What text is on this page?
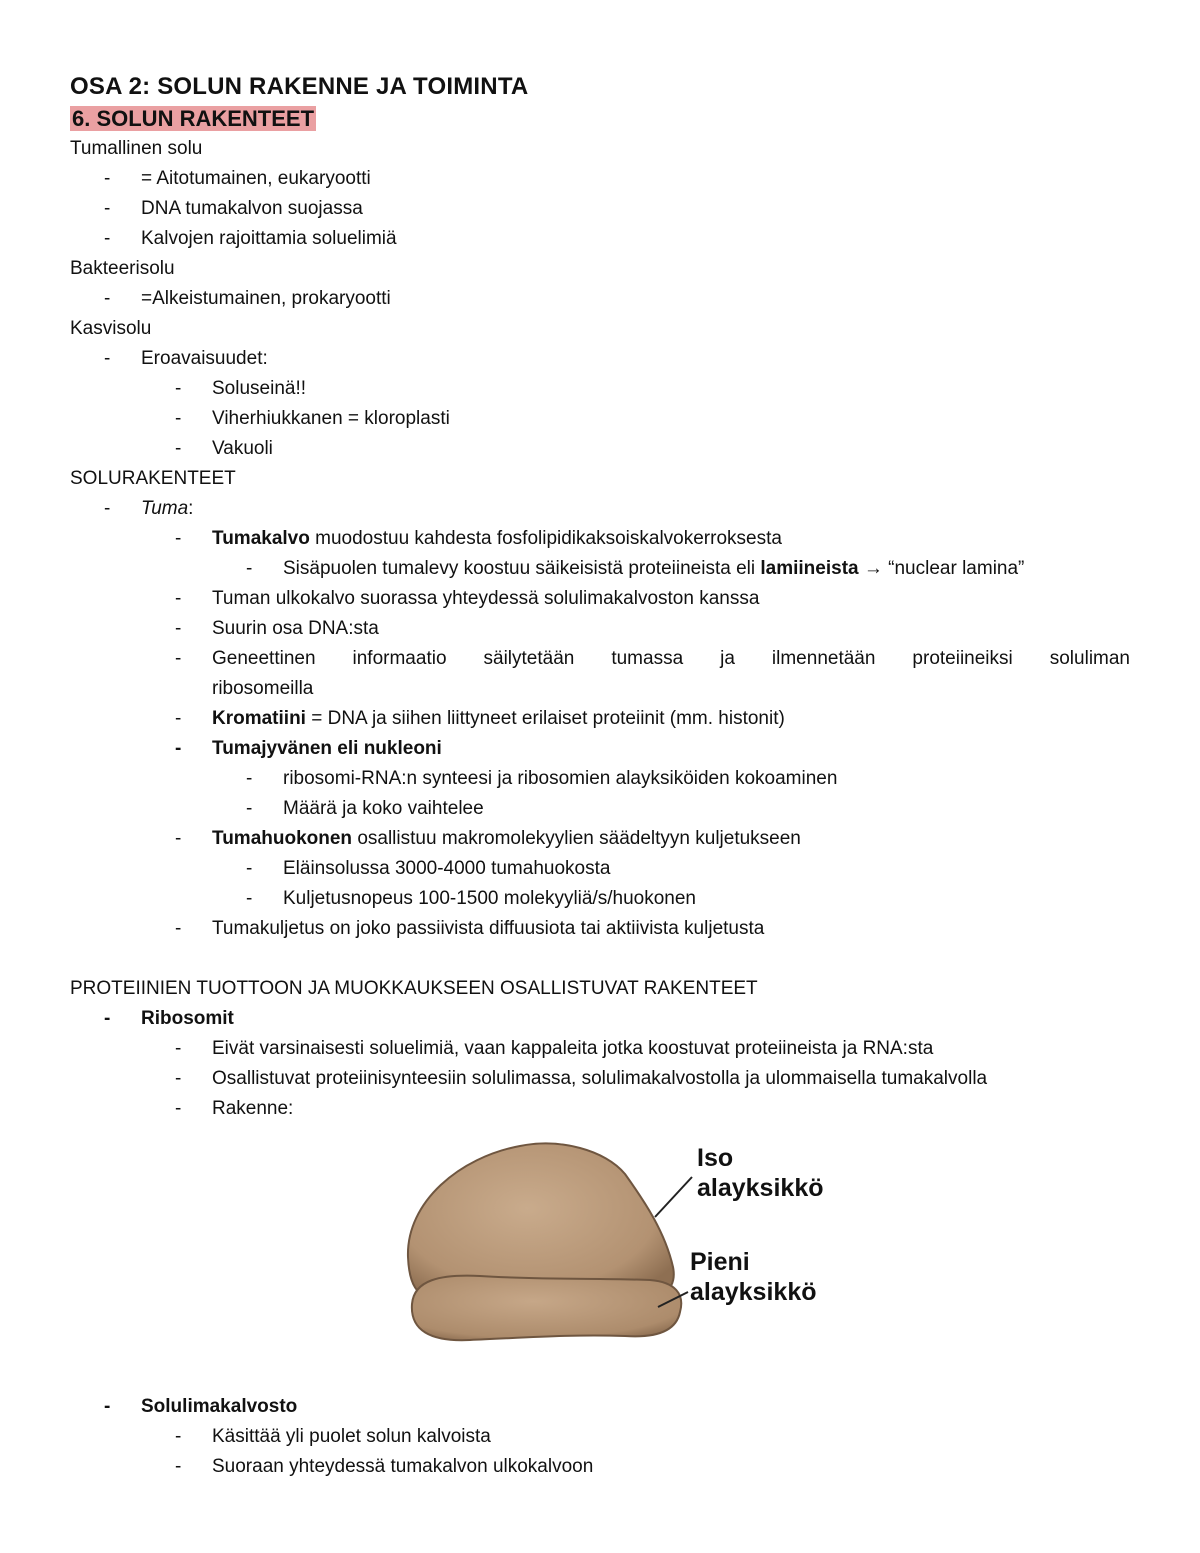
OSA 2: SOLUN RAKENNE JA TOIMINTA

6. SOLUN RAKENTEET

Tumallinen solu

-	= Aitotumainen, eukaryootti

-	DNA tumakalvon suojassa

-	Kalvojen rajoittamia soluelimiä

Bakteerisolu

-	=Alkeistumainen, prokaryootti

Kasvisolu

-	Eroavaisuudet:

-	Soluseinä!!

-	Viherhiukkanen = kloroplasti

-	Vakuoli

SOLURAKENTEET

-	Tuma:

-	Tumakalvo muodostuu kahdesta fosfolipidikaksoiskalvokerroksesta

-	Sisäpuolen tumalevy koostuu säikeisistä proteiineista eli lamiineista → “nuclear lamina”

-	Tuman ulkokalvo suorassa yhteydessä solulimakalvoston kanssa

-	Suurin osa DNA:sta

-	Geneettinen informaatio säilytetään tumassa ja ilmennetään proteiineiksi soluliman

ribosomeilla

-	Kromatiini = DNA ja siihen liittyneet erilaiset proteiinit (mm. histonit)

-	Tumajyvänen eli nukleoni

-	ribosomi-RNA:n synteesi ja ribosomien alayksiköiden kokoaminen

-	Määrä ja koko vaihtelee

-	Tumahuokonen osallistuu makromolekyylien säädeltyyn kuljetukseen

-	Eläinsolussa 3000-4000 tumahuokosta

-	Kuljetusnopeus 100-1500 molekyyliä/s/huokonen

-	Tumakuljetus on joko passiivista diffuusiota tai aktiivista kuljetusta

PROTEIINIEN TUOTTOON JA MUOKKAUKSEEN OSALLISTUVAT RAKENTEET

-	Ribosomit

-	Eivät varsinaisesti soluelimiä, vaan kappaleita jotka koostuvat proteiineista ja RNA:sta

-	Osallistuvat proteiinisynteesiin solulimassa, solulimakalvostolla ja ulommaisella tumakalvolla

-	Rakenne:

Iso
alayksikkö
Pieni
alayksikkö

-	Solulimakalvosto

-	Käsittää yli puolet solun kalvoista

-	Suoraan yhteydessä tumakalvon ulkokalvoon
